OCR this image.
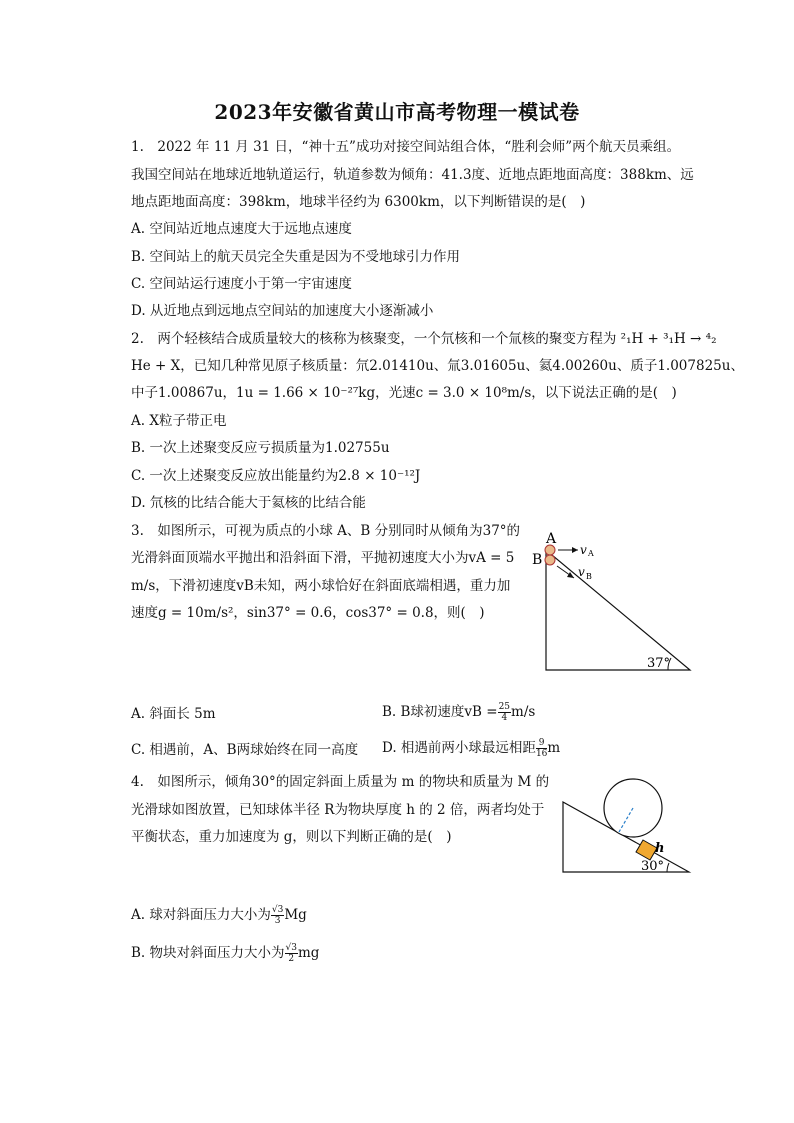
2023年安徽省黄山市高考物理一模试卷
1.　2022 年 11 月 31 日，“神十五”成功对接空间站组合体，“胜利会师”两个航天员乘组。
我国空间站在地球近地轨道运行，轨道参数为倾角：41.3度、近地点距地面高度：388km、远
地点距地面高度：398km，地球半径约为 6300km，以下判断错误的是(　)
A. 空间站近地点速度大于远地点速度
B. 空间站上的航天员完全失重是因为不受地球引力作用
C. 空间站运行速度小于第一宇宙速度
D. 从近地点到远地点空间站的加速度大小逐渐减小
2.　两个轻核结合成质量较大的核称为核聚变，一个氘核和一个氚核的聚变方程为 ²₁H + ³₁H → ⁴₂
He + X，已知几种常见原子核质量：氘2.01410u、氚3.01605u、氦4.00260u、质子1.007825u、
中子1.00867u，1u = 1.66 × 10⁻²⁷kg，光速c = 3.0 × 10⁸m/s，以下说法正确的是(　)
A. X粒子带正电
B. 一次上述聚变反应亏损质量为1.02755u
C. 一次上述聚变反应放出能量约为2.8 × 10⁻¹²J
D. 氘核的比结合能大于氦核的比结合能
3.　如图所示，可视为质点的小球 A、B 分别同时从倾角为37°的
光滑斜面顶端水平抛出和沿斜面下滑，平抛初速度大小为vA = 5
m/s，下滑初速度vB未知，两小球恰好在斜面底端相遇，重力加
速度g = 10m/s²，sin37° = 0.6，cos37° = 0.8，则(　)
A
B
v A
v B
37°
A. 斜面长 5m	B. B球初速度vB = $\frac{25}{4} m/s$
C. 相遇前，A、B两球始终在同一高度 D. 相遇前两小球最远相距 $\frac{9}{16}$ m
4.　如图所示，倾角30°的固定斜面上质量为 m 的物块和质量为 M 的
光滑球如图放置，已知球体半径 R为物块厚度 h 的 2 倍，两者均处于
平衡状态，重力加速度为 g，则以下判断正确的是(　)
h
30°
A. 球对斜面压力大小为 $\frac{√3}{3}$ Mg
B. 物块对斜面压力大小为 $\frac{√3}{2}$ mg
